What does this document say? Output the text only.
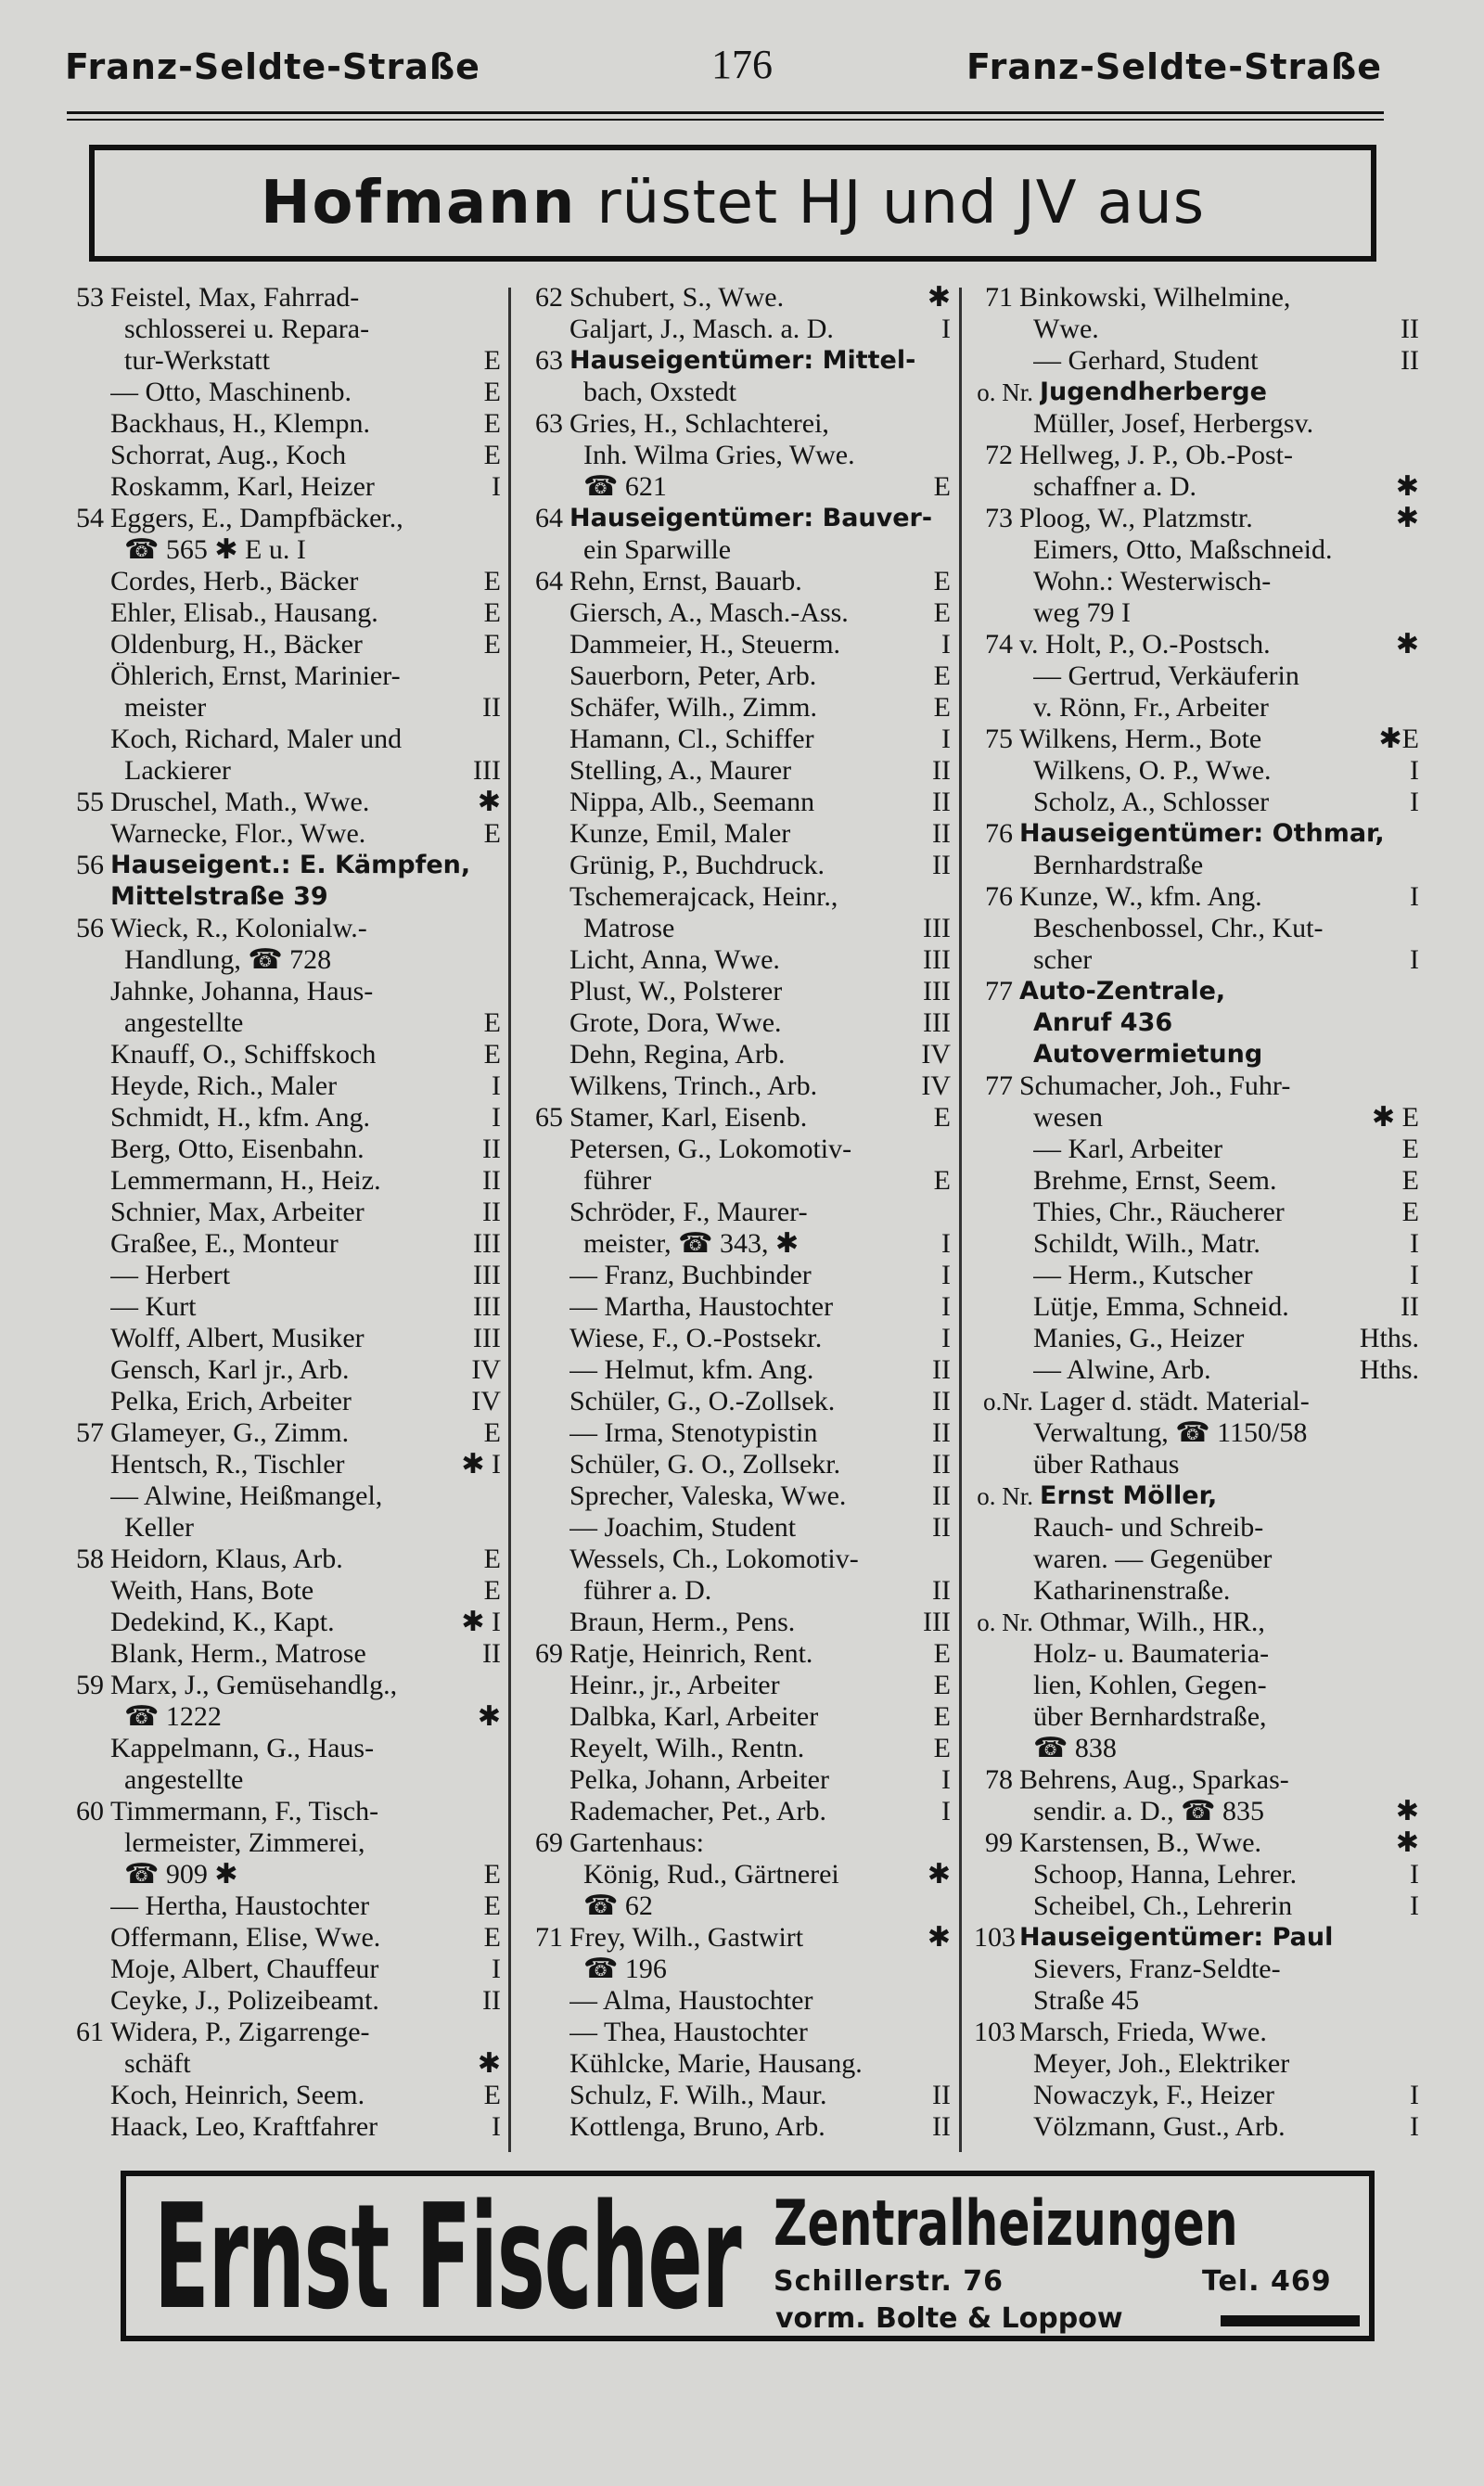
Franz-Seldte-Straße	176	Franz-Seldte-Straße
Hofmann rüstet HJ und JV aus
53 Feistel, Max, Fahrrad-
schlosserei u. Repara-
tur-Werkstatt	E
— Otto, Maschinenb.	E
Backhaus, H., Klempn.	E
Schorrat, Aug., Koch	E
Roskamm, Karl, Heizer	I
54 Eggers, E., Dampfbäcker.,
☎ 565 ✱ E u. I
Cordes, Herb., Bäcker	E
Ehler, Elisab., Hausang.	E
Oldenburg, H., Bäcker	E
Öhlerich, Ernst, Marinier-
meister	II
Koch, Richard, Maler und
Lackierer	III
55 Druschel, Math., Wwe.	✱
Warnecke, Flor., Wwe.	E
56 Hauseigent.: E. Kämpfen,
Mittelstraße 39
56 Wieck, R., Kolonialw.-
Handlung, ☎ 728
Jahnke, Johanna, Haus-
angestellte	E
Knauff, O., Schiffskoch	E
Heyde, Rich., Maler	I
Schmidt, H., kfm. Ang.	I
Berg, Otto, Eisenbahn.	II
Lemmermann, H., Heiz.	II
Schnier, Max, Arbeiter	II
Graßee, E., Monteur	III
— Herbert	III
— Kurt	III
Wolff, Albert, Musiker	III
Gensch, Karl jr., Arb.	IV
Pelka, Erich, Arbeiter	IV
57 Glameyer, G., Zimm.	E
Hentsch, R., Tischler	✱ I
— Alwine, Heißmangel,
Keller
58 Heidorn, Klaus, Arb.	E
Weith, Hans, Bote	E
Dedekind, K., Kapt.	✱ I
Blank, Herm., Matrose	II
59 Marx, J., Gemüsehandlg.,
☎ 1222	✱
Kappelmann, G., Haus-
angestellte
60 Timmermann, F., Tisch-
lermeister, Zimmerei,
☎ 909 ✱	E
— Hertha, Haustochter	E
Offermann, Elise, Wwe.	E
Moje, Albert, Chauffeur	I
Ceyke, J., Polizeibeamt.	II
61 Widera, P., Zigarrenge-
schäft	✱
Koch, Heinrich, Seem.	E
Haack, Leo, Kraftfahrer	I
62 Schubert, S., Wwe.	✱
Galjart, J., Masch. a. D.	I
63 Hauseigentümer: Mittel-
bach, Oxstedt
63 Gries, H., Schlachterei,
Inh. Wilma Gries, Wwe.
☎ 621	E
64 Hauseigentümer: Bauver-
ein Sparwille
64 Rehn, Ernst, Bauarb.	E
Giersch, A., Masch.-Ass.	E
Dammeier, H., Steuerm.	I
Sauerborn, Peter, Arb.	E
Schäfer, Wilh., Zimm.	E
Hamann, Cl., Schiffer	I
Stelling, A., Maurer	II
Nippa, Alb., Seemann	II
Kunze, Emil, Maler	II
Grünig, P., Buchdruck.	II
Tschemerajcack, Heinr.,
Matrose	III
Licht, Anna, Wwe.	III
Plust, W., Polsterer	III
Grote, Dora, Wwe.	III
Dehn, Regina, Arb.	IV
Wilkens, Trinch., Arb.	IV
65 Stamer, Karl, Eisenb.	E
Petersen, G., Lokomotiv-
führer	E
Schröder, F., Maurer-
meister, ☎ 343, ✱	I
— Franz, Buchbinder	I
— Martha, Haustochter	I
Wiese, F., O.-Postsekr.	I
— Helmut, kfm. Ang.	II
Schüler, G., O.-Zollsek.	II
— Irma, Stenotypistin	II
Schüler, G. O., Zollsekr.	II
Sprecher, Valeska, Wwe.	II
— Joachim, Student	II
Wessels, Ch., Lokomotiv-
führer a. D.	II
Braun, Herm., Pens.	III
69 Ratje, Heinrich, Rent.	E
Heinr., jr., Arbeiter	E
Dalbka, Karl, Arbeiter	E
Reyelt, Wilh., Rentn.	E
Pelka, Johann, Arbeiter	I
Rademacher, Pet., Arb.	I
69 Gartenhaus:
König, Rud., Gärtnerei	✱
☎ 62
71 Frey, Wilh., Gastwirt	✱
☎ 196
— Alma, Haustochter
— Thea, Haustochter
Kühlcke, Marie, Hausang.
Schulz, F. Wilh., Maur.	II
Kottlenga, Bruno, Arb.	II
71 Binkowski, Wilhelmine,
Wwe.	II
— Gerhard, Student	II
o. Nr. Jugendherberge
Müller, Josef, Herbergsv.
72 Hellweg, J. P., Ob.-Post-
schaffner a. D.	✱
73 Ploog, W., Platzmstr.	✱
Eimers, Otto, Maßschneid.
Wohn.: Westerwisch-
weg 79 I
74 v. Holt, P., O.-Postsch.	✱
— Gertrud, Verkäuferin
v. Rönn, Fr., Arbeiter
75 Wilkens, Herm., Bote	✱E
Wilkens, O. P., Wwe.	I
Scholz, A., Schlosser	I
76 Hauseigentümer: Othmar,
Bernhardstraße
76 Kunze, W., kfm. Ang.	I
Beschenbossel, Chr., Kut-
scher	I
77 Auto-Zentrale,
Anruf 436
Autovermietung
77 Schumacher, Joh., Fuhr-
wesen	✱ E
— Karl, Arbeiter	E
Brehme, Ernst, Seem.	E
Thies, Chr., Räucherer	E
Schildt, Wilh., Matr.	I
— Herm., Kutscher	I
Lütje, Emma, Schneid.	II
Manies, G., Heizer	Hths.
— Alwine, Arb.	Hths.
o.Nr. Lager d. städt. Material-
Verwaltung, ☎ 1150/58
über Rathaus
o. Nr. Ernst Möller,
Rauch- und Schreib-
waren. — Gegenüber
Katharinenstraße.
o. Nr. Othmar, Wilh., HR.,
Holz- u. Baumateria-
lien, Kohlen, Gegen-
über Bernhardstraße,
☎ 838
78 Behrens, Aug., Sparkas-
sendir. a. D., ☎ 835	✱
99 Karstensen, B., Wwe.	✱
Schoop, Hanna, Lehrer.	I
Scheibel, Ch., Lehrerin	I
103 Hauseigentümer: Paul
Sievers, Franz-Seldte-
Straße 45
103 Marsch, Frieda, Wwe.
Meyer, Joh., Elektriker
Nowaczyk, F., Heizer	I
Völzmann, Gust., Arb.	I
Ernst Fischer Zentralheizungen
Schillerstr. 76	Tel. 469
vorm. Bolte & Loppow
